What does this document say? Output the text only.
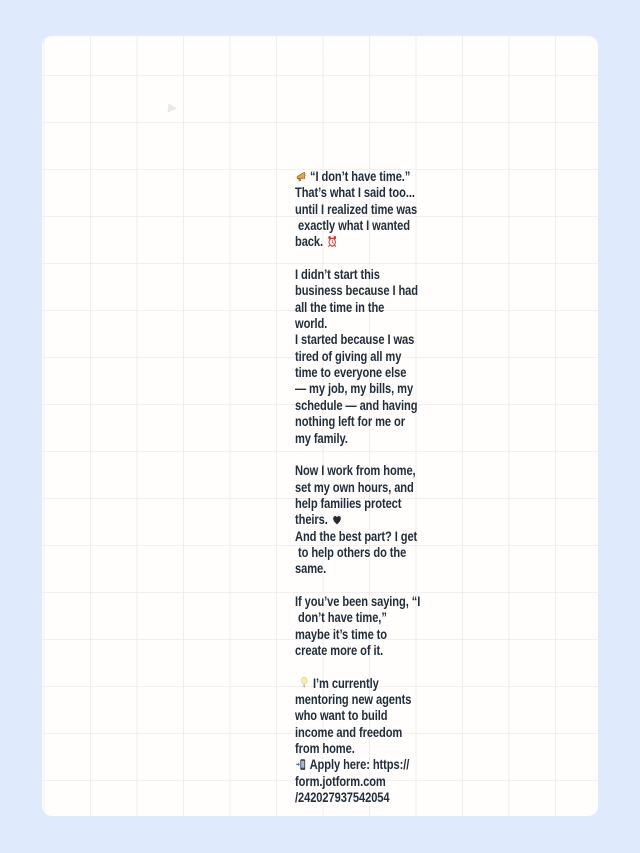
“I don’t have time.”
That’s what I said too...
until I realized time was
exactly what I wanted
back.
I didn’t start this
business because I had
all the time in the
world.
I started because I was
tired of giving all my
time to everyone else
— my job, my bills, my
schedule — and having
nothing left for me or
my family.
Now I work from home,
set my own hours, and
help families protect
theirs.
And the best part? I get
to help others do the
same.
If you’ve been saying, “I
don’t have time,”
maybe it’s time to
create more of it.

I’m currently
mentoring new agents
who want to build
income and freedom
from home.
Apply here: https://
form.jotform.com
/242027937542054
